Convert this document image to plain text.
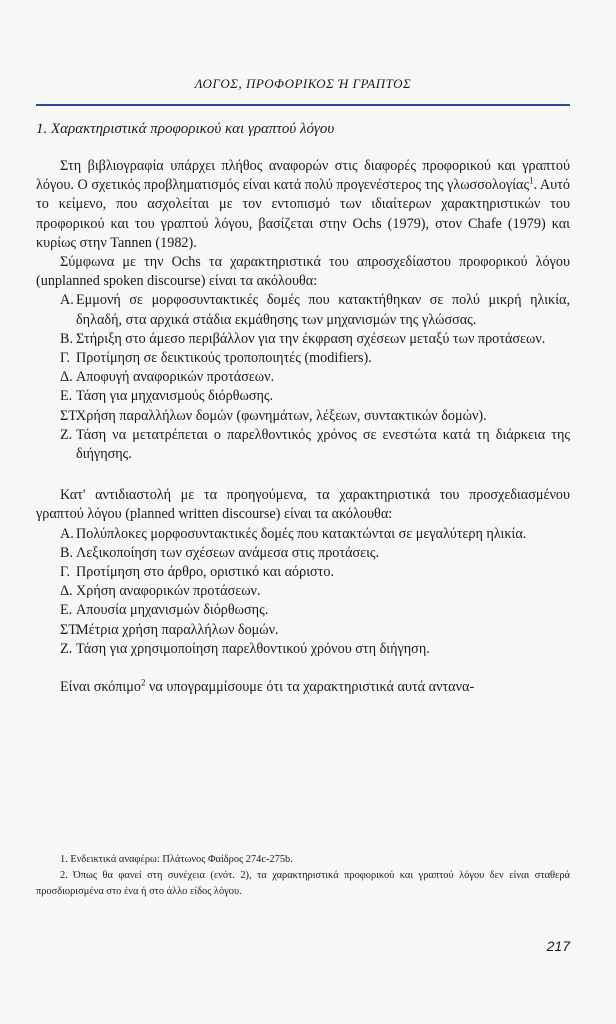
ΛΟΓΟΣ, ΠΡΟΦΟΡΙΚΟΣ Ή ΓΡΑΠΤΟΣ
1. Χαρακτηριστικά προφορικού και γραπτού λόγου

Στη βιβλιογραφία υπάρχει πλήθος αναφορών στις διαφορές προφορικού και γραπτού λόγου. Ο σχετικός προβληματισμός είναι κατά πολύ προγενέστερος της γλωσσολογίας$^1$. Αυτό το κείμενο, που ασχολείται με τον εντοπισμό των ιδιαίτερων χαρακτηριστικών του προφορικού και του γραπτού λόγου, βασίζεται στην Ochs (1979), στον Chafe (1979) και κυρίως στην Tannen (1982).

Σύμφωνα με την Ochs τα χαρακτηριστικά του απροσχεδίαστου προφορικού λόγου (unplanned spoken discourse) είναι τα ακόλουθα:

Α. Εμμονή σε μορφοσυντακτικές δομές που κατακτήθηκαν σε πολύ μικρή ηλικία, δηλαδή, στα αρχικά στάδια εκμάθησης των μηχανισμών της γλώσσας.
Β. Στήριξη στο άμεσο περιβάλλον για την έκφραση σχέσεων μεταξύ των προτάσεων.
Γ. Προτίμηση σε δεικτικούς τροποποιητές (modifiers).
Δ. Αποφυγή αναφορικών προτάσεων.
Ε. Τάση για μηχανισμούς διόρθωσης.
ΣΤ.
Χρήση παραλλήλων δομών (φωνημάτων, λέξεων, συντακτικών δομών).
Ζ. Τάση να μετατρέπεται ο παρελθοντικός χρόνος σε ενεστώτα κατά τη διάρκεια της διήγησης.

Κατ' αντιδιαστολή με τα προηγούμενα, τα χαρακτηριστικά του προσχεδιασμένου γραπτού λόγου (planned written discourse) είναι τα ακόλουθα:

Α. Πολύπλοκες μορφοσυντακτικές δομές που κατακτώνται σε μεγαλύτερη ηλικία.
Β. Λεξικοποίηση των σχέσεων ανάμεσα στις προτάσεις.
Γ. Προτίμηση στο άρθρο, οριστικό και αόριστο.
Δ. Χρήση αναφορικών προτάσεων.
Ε. Απουσία μηχανισμών διόρθωσης.
ΣΤ.
Μέτρια χρήση παραλλήλων δομών.
Ζ. Τάση για χρησιμοποίηση παρελθοντικού χρόνου στη διήγηση.

Είναι σκόπιμο$^2$ να υπογραμμίσουμε ότι τα χαρακτηριστικά αυτά αντανα-

1. Ενδεικτικά αναφέρω: Πλάτωνος Φαίδρος 274c-275b.

2. Όπως θα φανεί στη συνέχεια (ενότ. 2), τα χαρακτηριστικά προφορικού και γραπτού λόγου δεν είναι σταθερά προσδιορισμένα στο ένα ή στο άλλο είδος λόγου.

217
